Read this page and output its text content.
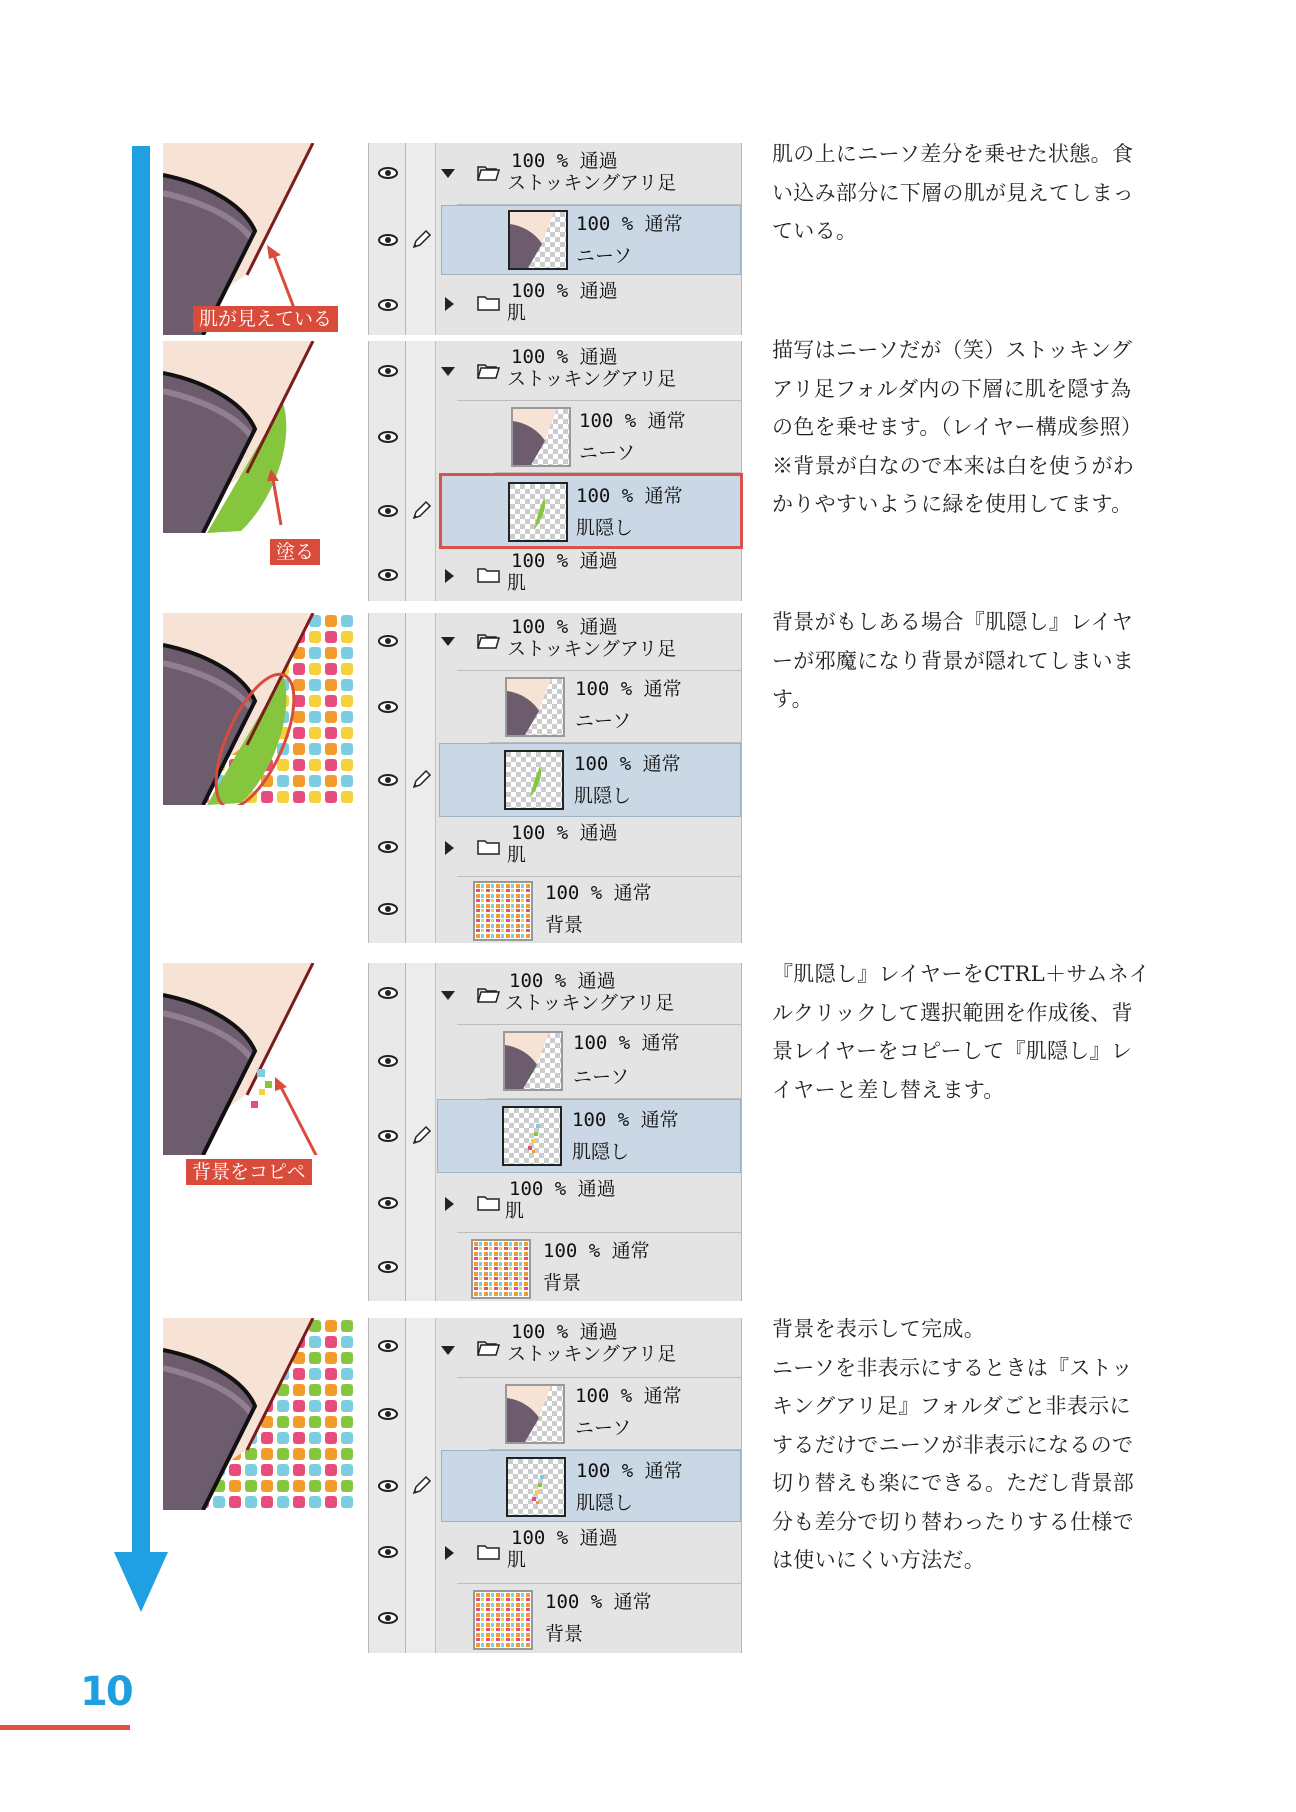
肌が見えている
100 % 通過
ストッキングアリ足
100 % 通常
ニーソ
100 % 通過
肌
肌の上にニーソ差分を乗せた状態。食い込み部分に下層の肌が見えてしまっている。
塗る
100 % 通過
ストッキングアリ足
100 % 通常
ニーソ
100 % 通常
肌隠し
100 % 通過
肌
描写はニーソだが（笑）ストッキングアリ足フォルダ内の下層に肌を隠す為の色を乗せます。（レイヤー構成参照）※背景が白なので本来は白を使うがわかりやすいように緑を使用してます。
100 % 通過
ストッキングアリ足
100 % 通常
ニーソ
100 % 通常
肌隠し
100 % 通過
肌
100 % 通常
背景
背景がもしある場合『肌隠し』レイヤーが邪魔になり背景が隠れてしまいます。
背景をコピペ
100 % 通過
ストッキングアリ足
100 % 通常
ニーソ
100 % 通常
肌隠し
100 % 通過
肌
100 % 通常
背景
『肌隠し』レイヤーをCTRL＋サムネイルクリックして選択範囲を作成後、背景レイヤーをコピーして『肌隠し』レイヤーと差し替えます。
100 % 通過
ストッキングアリ足
100 % 通常
ニーソ
100 % 通常
肌隠し
100 % 通過
肌
100 % 通常
背景
背景を表示して完成。
ニーソを非表示にするときは『ストッキングアリ足』フォルダごと非表示にするだけでニーソが非表示になるので切り替えも楽にできる。ただし背景部分も差分で切り替わったりする仕様では使いにくい方法だ。
10
